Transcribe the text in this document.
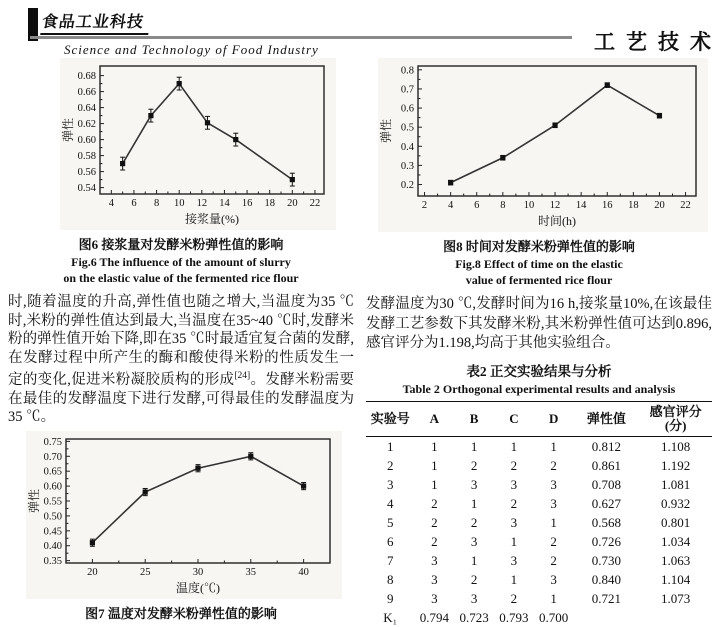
食品工业科技
工艺技术
Science and Technology of Food Industry
4 6 8 10 12 14 16 18 20 22
0.54
0.56
0.58
0.60
0.62
0.64
0.66
0.68
接浆量(%)
弹性
图6 接浆量对发酵米粉弹性值的影响
Fig.6 The influence of the amount of slurry
on the elastic value of the fermented rice flour
时,随着温度的升高,弹性值也随之增大,当温度为35 ℃时,米粉的弹性值达到最大,当温度在35~40 ℃时,发酵米粉的弹性值开始下降,即在35 ℃时最适宜复合菌的发酵,在发酵过程中所产生的酶和酸使得米粉的性质发生一定的变化,促进米粉凝胶质构的形成[24]。发酵米粉需要在最佳的发酵温度下进行发酵,可得最佳的发酵温度为35 ℃。
20	25	30	35	40
0.35
0.40
0.45
0.50
0.55
0.60
0.65
0.70
0.75
温度(℃)
弹性
图7 温度对发酵米粉弹性值的影响
2 4 6 8 10 12 14 16 18 20 22
0.2
0.3
0.4
0.5
0.6
0.7
0.8
时间(h)
弹性
图8 时间对发酵米粉弹性值的影响
Fig.8 Effect of time on the elastic
value of fermented rice flour
发酵温度为30 ℃,发酵时间为16 h,接浆量10%,在该最佳发酵工艺参数下其发酵米粉,其米粉弹性值可达到0.896,感官评分为1.198,均高于其他实验组合。
表2 正交实验结果与分析
Table 2 Orthogonal experimental results and analysis
实验号	A	B	C	D	弹性值	感官评分
(分)

1	1	1	1	1	0.812	1.108
2	1	2	2	2	0.861	1.192
3	1	3	3	3	0.708	1.081
4	2	1	2	3	0.627	0.932
5	2	2	3	1	0.568	0.801
6	2	3	1	2	0.726	1.034
7	3	1	3	2	0.730	1.063
8	3	2	1	3	0.840	1.104
9	3	3	2	1	0.721	1.073
K₁	0.794	0.723	0.793	0.700		
